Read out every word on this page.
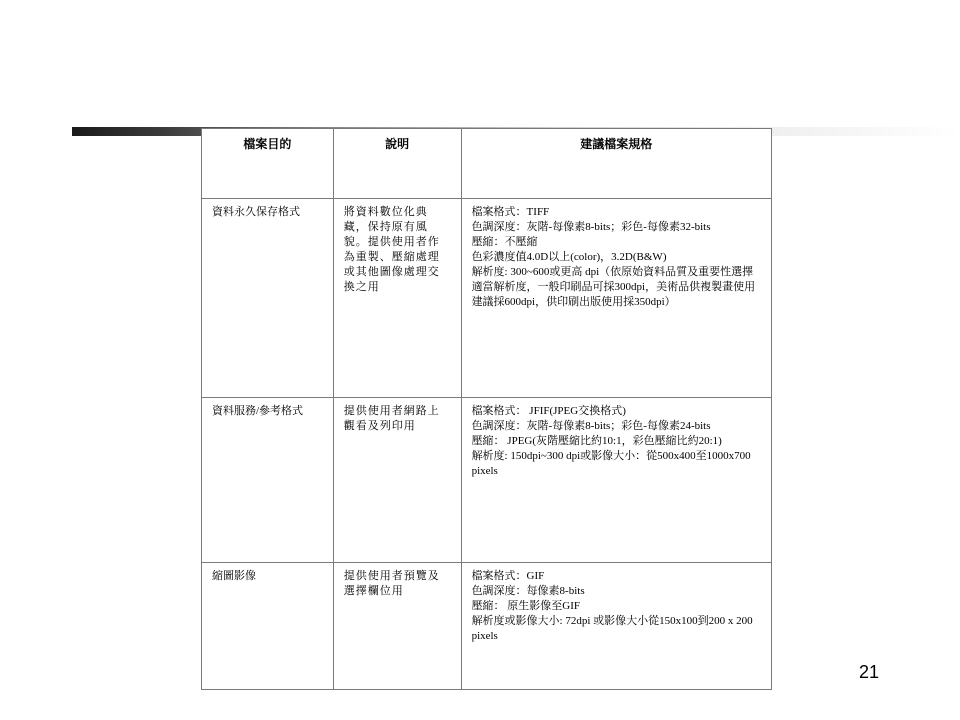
檔案目的	說明	建議檔案規格
資料永久保存格式	將資料數位化典藏，保持原有風貌。提供使用者作為重製、壓縮處理或其他圖像處理交換之用	檔案格式：TIFF
色調深度：灰階-每像素8-bits；彩色-每像素32-bits
壓縮：不壓縮
色彩濃度值4.0D以上(color)，3.2D(B&W)
解析度: 300~600或更高 dpi（依原始資料品質及重要性選擇適當解析度，一般印刷品可採300dpi，美術品供複製畫使用建議採600dpi，供印刷出版使用採350dpi）

資料服務/參考格式	提供使用者網路上觀看及列印用	檔案格式： JFIF(JPEG交換格式)
色調深度：灰階-每像素8-bits；彩色-每像素24-bits
壓縮： JPEG(灰階壓縮比約10:1，彩色壓縮比約20:1)
解析度: 150dpi~300 dpi或影像大小：從500x400至1000x700 pixels

縮圖影像	提供使用者預覽及選擇欄位用	檔案格式：GIF
色調深度：每像素8-bits
壓縮： 原生影像至GIF
解析度或影像大小: 72dpi 或影像大小從150x100到200 x 200 pixels
21
